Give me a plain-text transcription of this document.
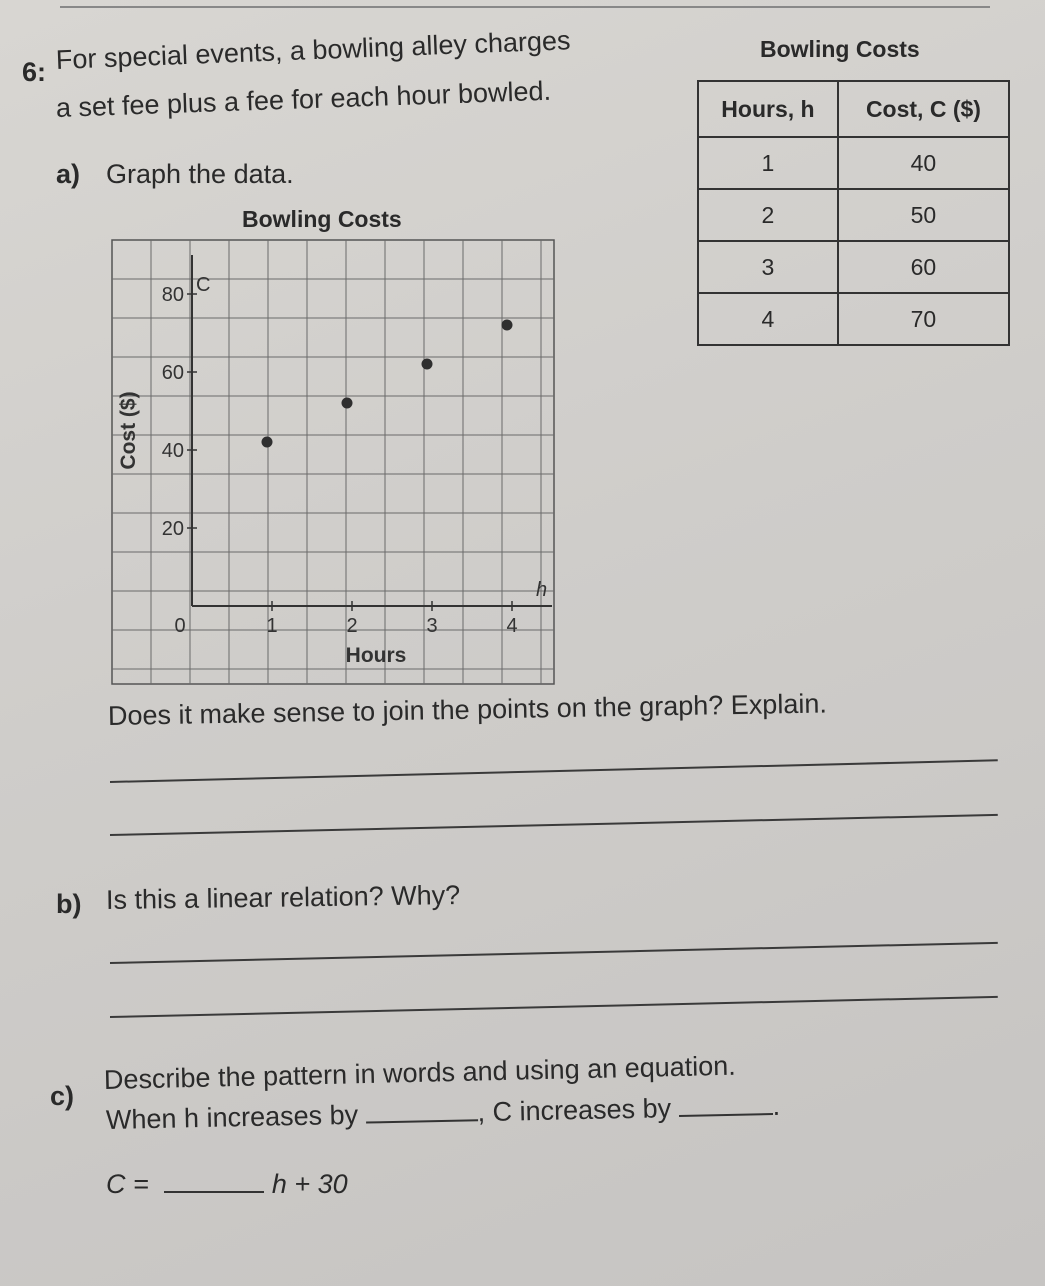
6: For special events, a bowling alley charges
a set fee plus a fee for each hour bowled.
a) Graph the data.
Bowling Costs
Hours, h	Cost, C ($)
1	40
2	50
3	60
4	70
Bowling Costs
0	1	2	3	4
20
40
60
80 C
h
Hours
Cost ($)
Does it make sense to join the points on the graph? Explain.
b) Is this a linear relation? Why?
c)
Describe the pattern in words and using an equation.
When h increases by	, C increases by	.
C =	h + 30
